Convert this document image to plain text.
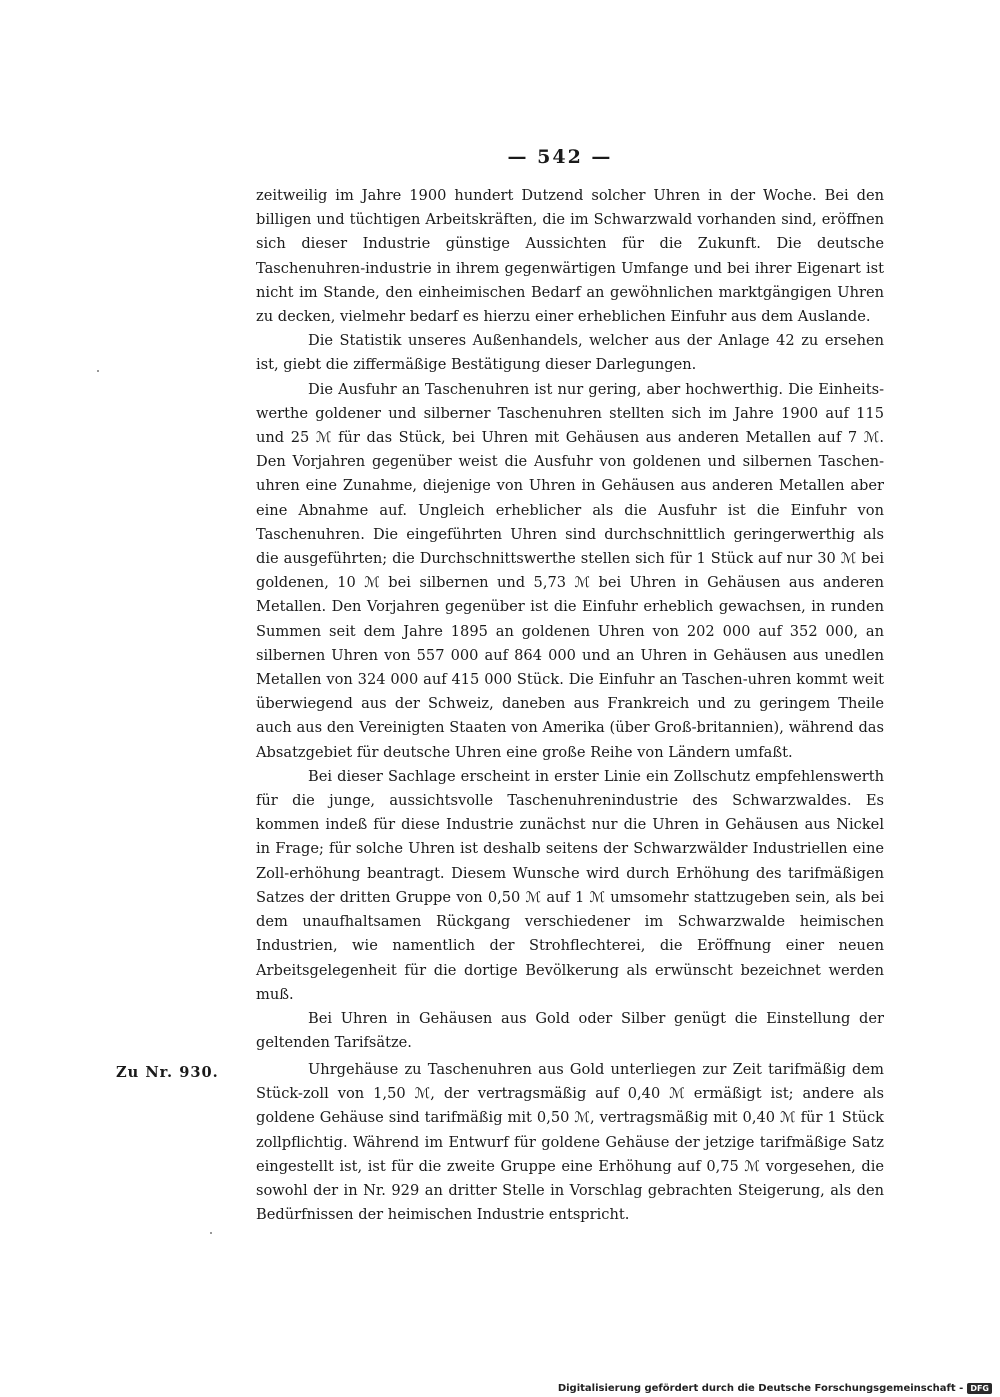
— 542 —

zeitweilig im Jahre 1900 hundert Dutzend solcher Uhren in der Woche. Bei den billigen und tüchtigen Arbeitskräften, die im Schwarzwald vorhanden sind, eröffnen sich dieser Industrie günstige Aussichten für die Zukunft. Die deutsche Taschenuhren-industrie in ihrem gegenwärtigen Umfange und bei ihrer Eigenart ist nicht im Stande, den einheimischen Bedarf an gewöhnlichen marktgängigen Uhren zu decken, vielmehr bedarf es hierzu einer erheblichen Einfuhr aus dem Auslande.

Die Statistik unseres Außenhandels, welcher aus der Anlage 42 zu ersehen ist, giebt die ziffermäßige Bestätigung dieser Darlegungen.

Die Ausfuhr an Taschenuhren ist nur gering, aber hochwerthig. Die Einheits-werthe goldener und silberner Taschenuhren stellten sich im Jahre 1900 auf 115 und 25 ℳ für das Stück, bei Uhren mit Gehäusen aus anderen Metallen auf 7 ℳ. Den Vorjahren gegenüber weist die Ausfuhr von goldenen und silbernen Taschen-uhren eine Zunahme, diejenige von Uhren in Gehäusen aus anderen Metallen aber eine Abnahme auf. Ungleich erheblicher als die Ausfuhr ist die Einfuhr von Taschenuhren. Die eingeführten Uhren sind durchschnittlich geringerwerthig als die ausgeführten; die Durchschnittswerthe stellen sich für 1 Stück auf nur 30 ℳ bei goldenen, 10 ℳ bei silbernen und 5,73 ℳ bei Uhren in Gehäusen aus anderen Metallen. Den Vorjahren gegenüber ist die Einfuhr erheblich gewachsen, in runden Summen seit dem Jahre 1895 an goldenen Uhren von 202 000 auf 352 000, an silbernen Uhren von 557 000 auf 864 000 und an Uhren in Gehäusen aus unedlen Metallen von 324 000 auf 415 000 Stück. Die Einfuhr an Taschen-uhren kommt weit überwiegend aus der Schweiz, daneben aus Frankreich und zu geringem Theile auch aus den Vereinigten Staaten von Amerika (über Groß-britannien), während das Absatzgebiet für deutsche Uhren eine große Reihe von Ländern umfaßt.

Bei dieser Sachlage erscheint in erster Linie ein Zollschutz empfehlenswerth für die junge, aussichtsvolle Taschenuhrenindustrie des Schwarzwaldes. Es kommen indeß für diese Industrie zunächst nur die Uhren in Gehäusen aus Nickel in Frage; für solche Uhren ist deshalb seitens der Schwarzwälder Industriellen eine Zoll-erhöhung beantragt. Diesem Wunsche wird durch Erhöhung des tarifmäßigen Satzes der dritten Gruppe von 0,50 ℳ auf 1 ℳ umsomehr stattzugeben sein, als bei dem unaufhaltsamen Rückgang verschiedener im Schwarzwalde heimischen Industrien, wie namentlich der Strohflechterei, die Eröffnung einer neuen Arbeitsgelegenheit für die dortige Bevölkerung als erwünscht bezeichnet werden muß.

Bei Uhren in Gehäusen aus Gold oder Silber genügt die Einstellung der geltenden Tarifsätze.

Zu Nr. 930.	Uhrgehäuse zu Taschenuhren aus Gold unterliegen zur Zeit tarifmäßig dem Stück-zoll von 1,50 ℳ, der vertragsmäßig auf 0,40 ℳ ermäßigt ist; andere als goldene Gehäuse sind tarifmäßig mit 0,50 ℳ, vertragsmäßig mit 0,40 ℳ für 1 Stück zollpflichtig. Während im Entwurf für goldene Gehäuse der jetzige tarifmäßige Satz eingestellt ist, ist für die zweite Gruppe eine Erhöhung auf 0,75 ℳ vorgesehen, die sowohl der in Nr. 929 an dritter Stelle in Vorschlag gebrachten Steigerung, als den Bedürfnissen der heimischen Industrie entspricht.

Digitalisierung gefördert durch die Deutsche Forschungsgemeinschaft - DFG
